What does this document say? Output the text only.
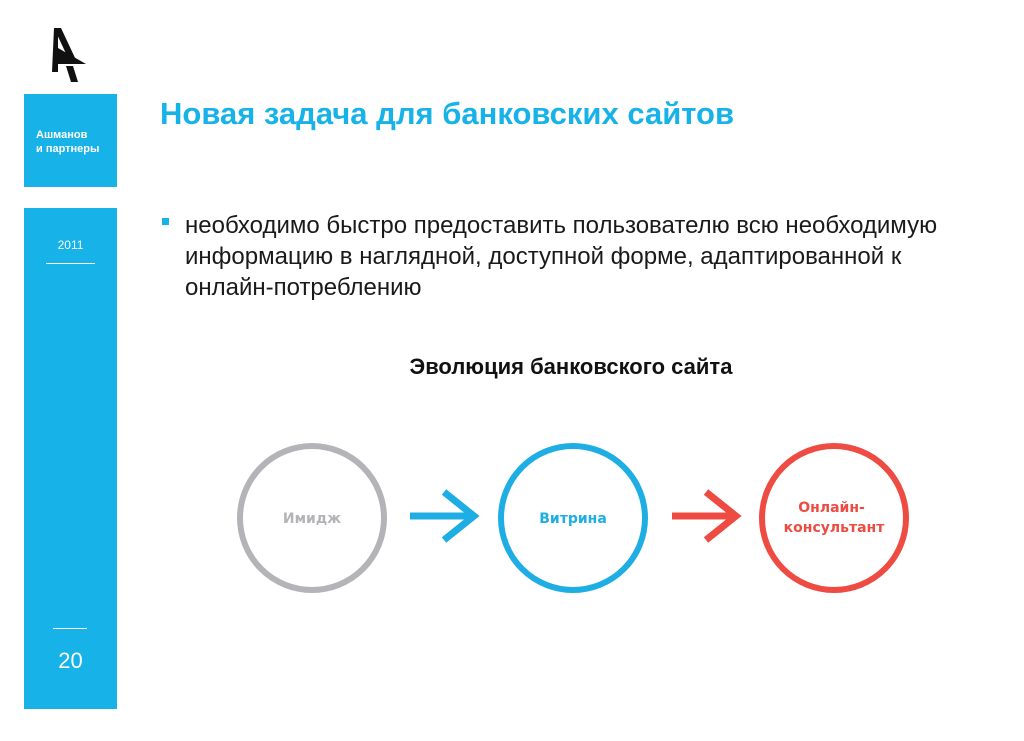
Ашманов
и партнеры
2011
20
Новая задача для банковских сайтов
необходимо быстро предоставить пользователю всю необходимую информацию в наглядной, доступной форме, адаптированной к онлайн-потреблению
Эволюция банковского сайта
Имидж	Витрина
Онлайн- консультант
